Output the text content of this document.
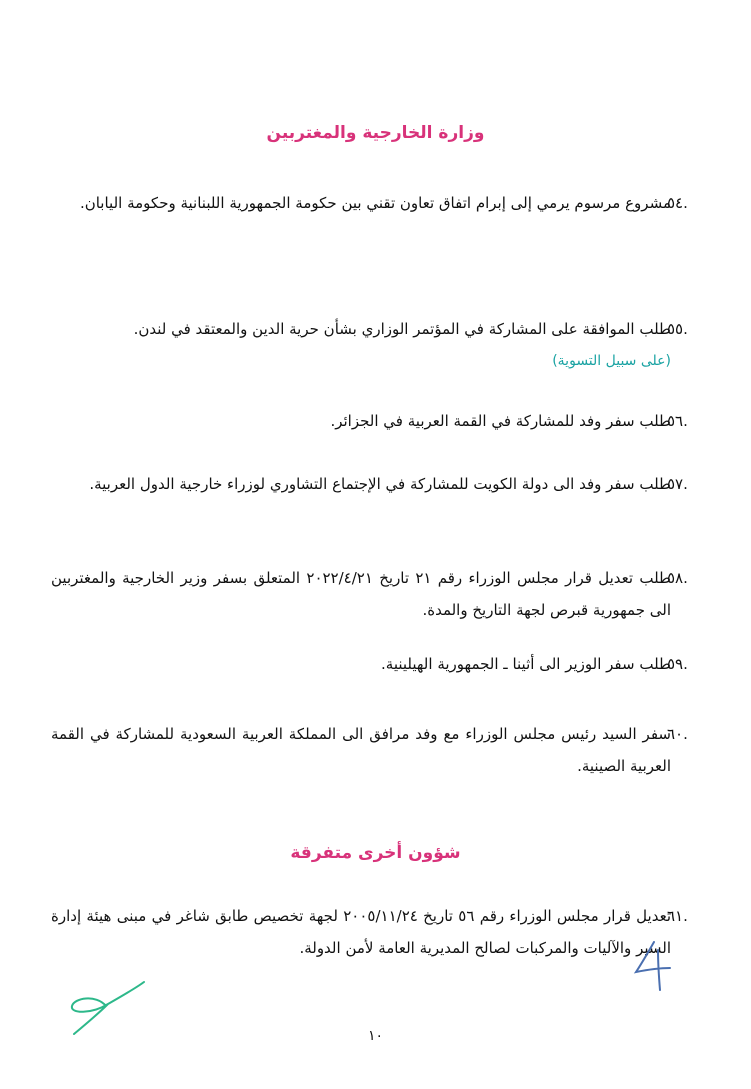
وزارة الخارجية والمغتربين
.٥٤
مشروع مرسوم يرمي إلى إبرام اتفاق تعاون تقني بين حكومة الجمهورية اللبنانية وحكومة اليابان.
.٥٥
طلب الموافقة على المشاركة في المؤتمر الوزاري بشأن حرية الدين والمعتقد في لندن.
(على سبيل التسوية)
.٥٦
طلب سفر وفد للمشاركة في القمة العربية في الجزائر.
.٥٧
طلب سفر وفد الى دولة الكويت للمشاركة في الإجتماع التشاوري لوزراء خارجية الدول العربية.
.٥٨
طلب تعديل قرار مجلس الوزراء رقم ٢١ تاريخ ٢٠٢٢/٤/٢١ المتعلق بسفر وزير الخارجية والمغتربين الى جمهورية قبرص لجهة التاريخ والمدة.
.٥٩
طلب سفر الوزير الى أثينا ـ الجمهورية الهيلينية.
.٦٠
سفر السيد رئيس مجلس الوزراء مع وفد مرافق الى المملكة العربية السعودية للمشاركة في القمة العربية الصينية.
شؤون أخرى متفرقة
.٦١
تعديل قرار مجلس الوزراء رقم ٥٦ تاريخ ٢٠٠٥/١١/٢٤ لجهة تخصيص طابق شاغر في مبنى هيئة إدارة السير والآليات والمركبات لصالح المديرية العامة لأمن الدولة.
١٠
